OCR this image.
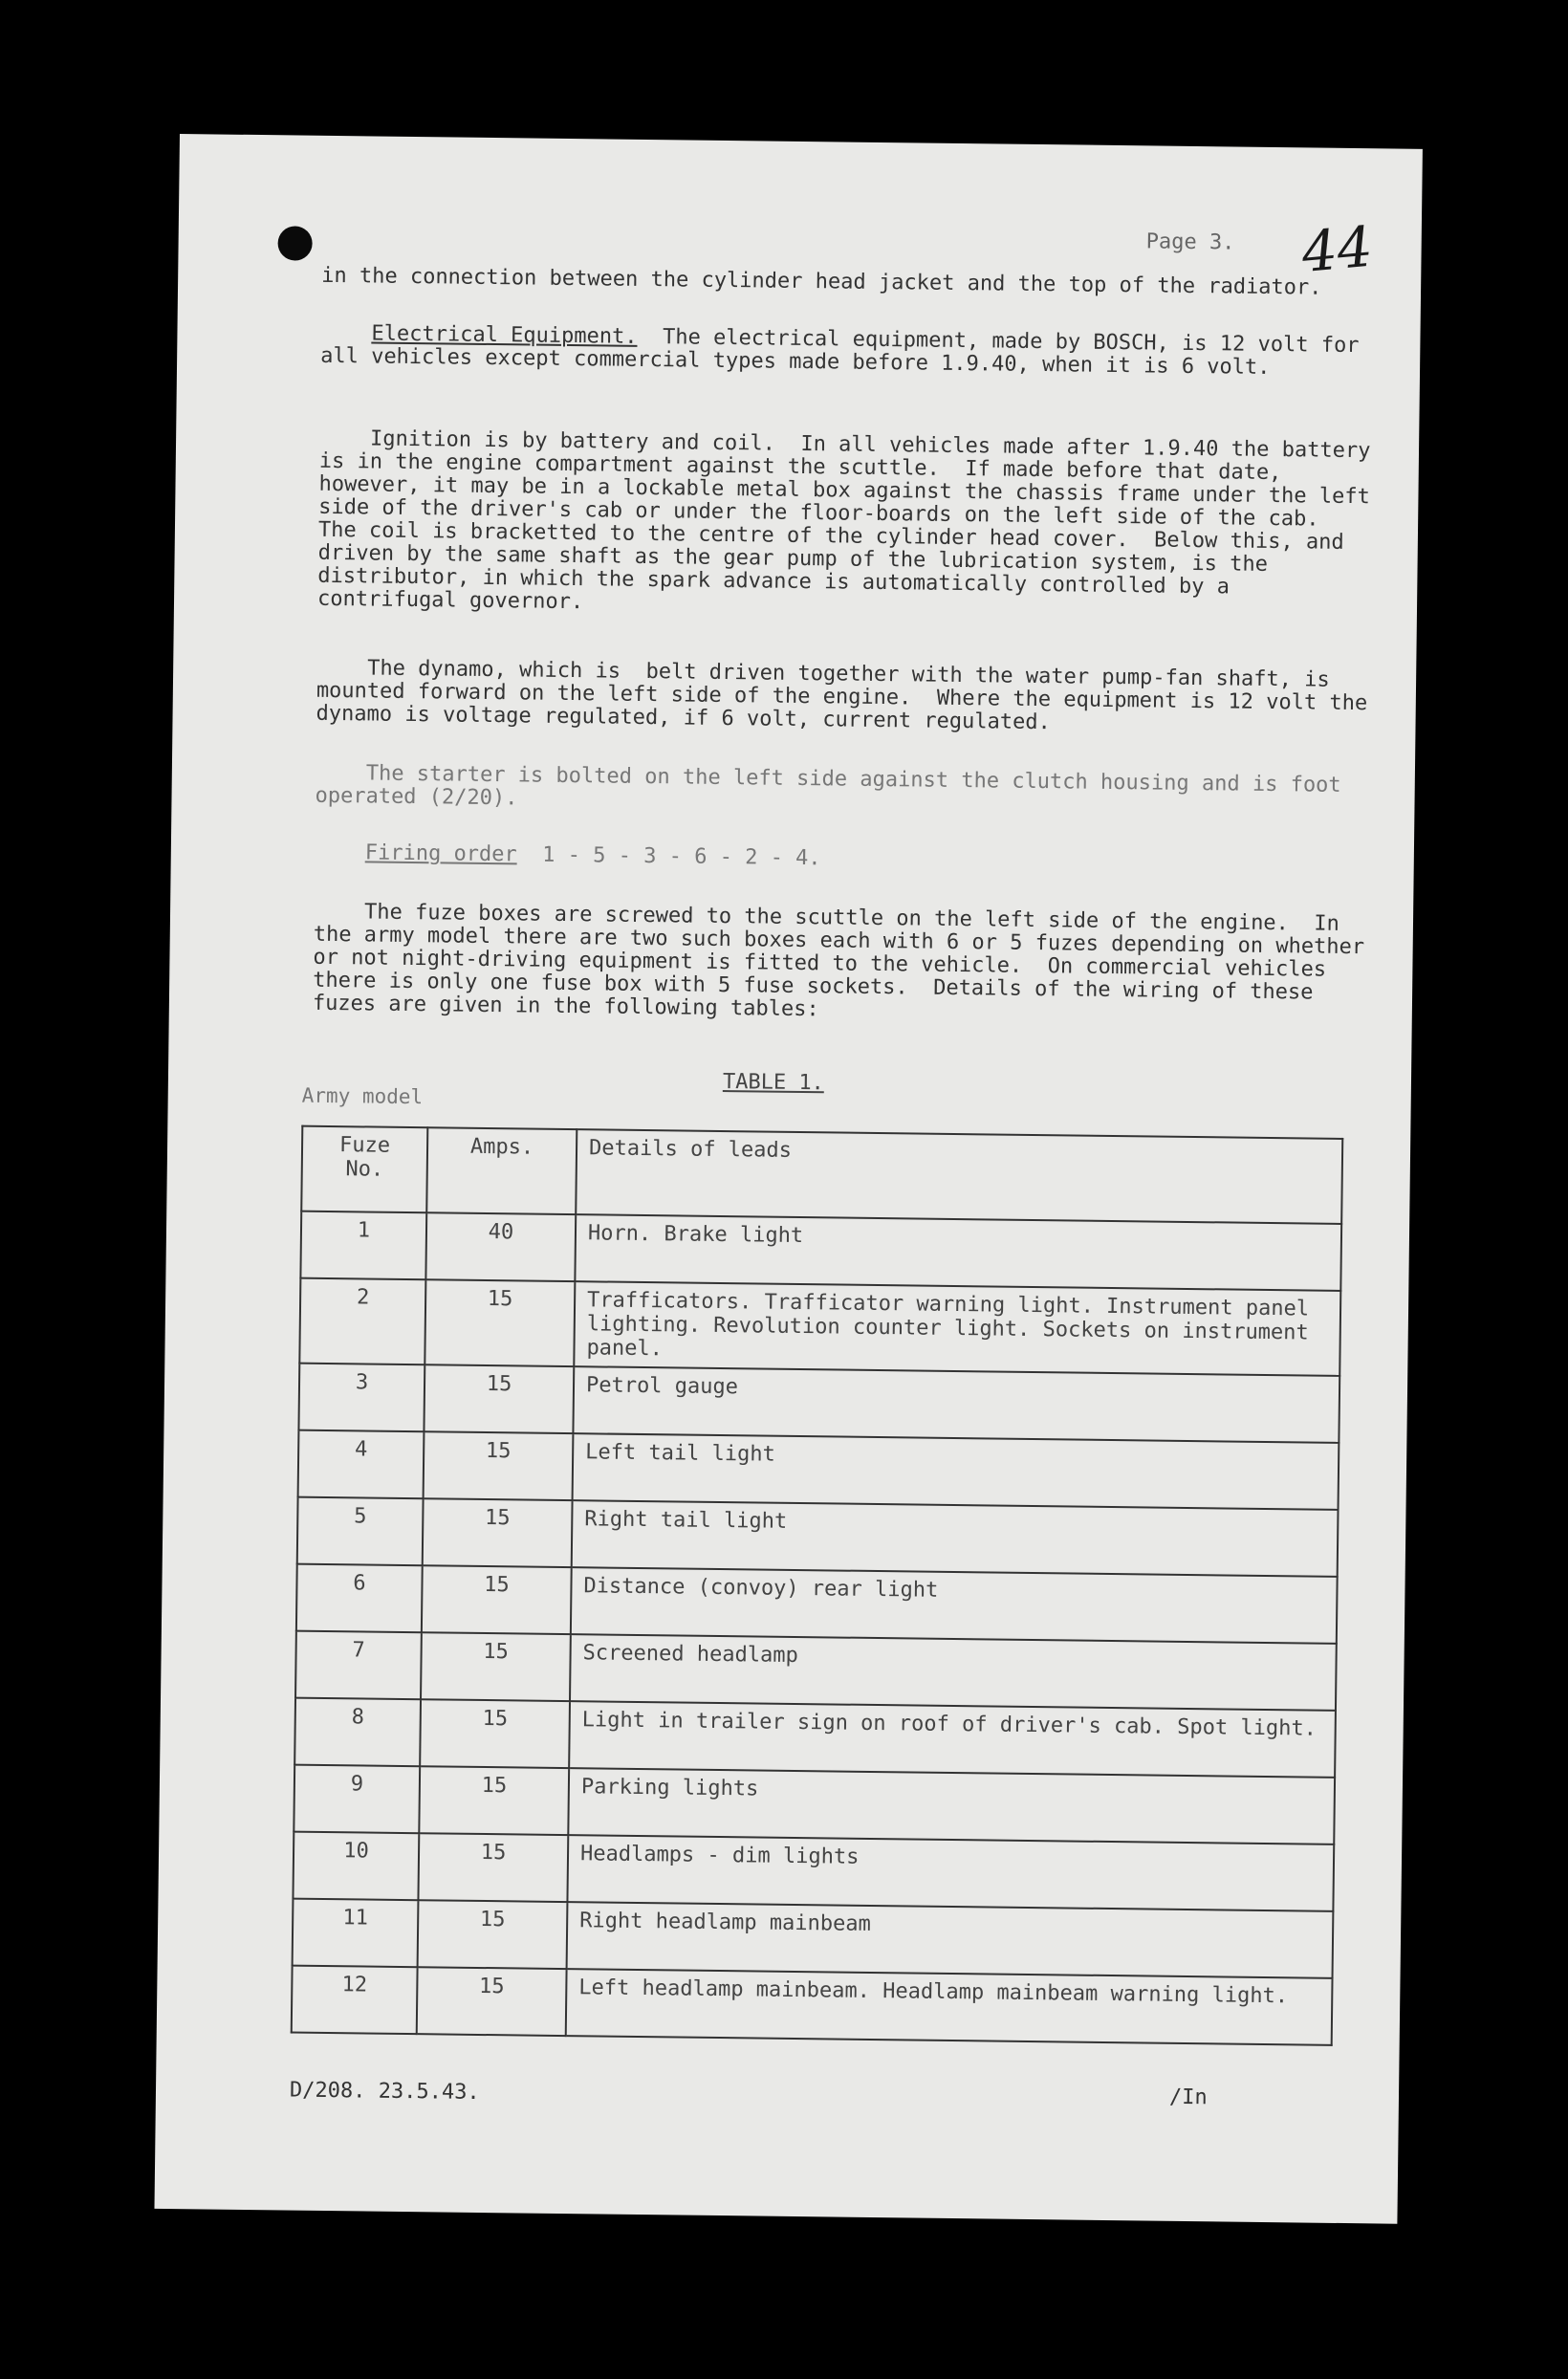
Page 3. 44
in the connection between the cylinder head jacket and the top of the radiator.
Electrical Equipment. The electrical equipment, made by BOSCH, is 12 volt for all vehicles except commercial types made before 1.9.40, when it is 6 volt.
Ignition is by battery and coil.  In all vehicles made after 1.9.40 the battery is in the engine compartment against the scuttle.  If made before that date, however, it may be in a lockable metal box against the chassis frame under the left side of the driver's cab or under the floor-boards on the left side of the cab.  The coil is bracketted to the centre of the cylinder head cover.  Below this, and driven by the same shaft as the gear pump of the lubrication system, is the distributor, in which the spark advance is automatically controlled by a contrifugal governor.
The dynamo, which is  belt driven together with the water pump-fan shaft, is mounted forward on the left side of the engine.  Where the equipment is 12 volt the dynamo is voltage regulated, if 6 volt, current regulated.
The starter is bolted on the left side against the clutch housing and is foot operated (2/20).
Firing order 1 - 5 - 3 - 6 - 2 - 4.
The fuze boxes are screwed to the scuttle on the left side of the engine.  In the army model there are two such boxes each with 6 or 5 fuzes depending on whether or not night-driving equipment is fitted to the vehicle.  On commercial vehicles there is only one fuse box with 5 fuse sockets.  Details of the wiring of these fuzes are given in the following tables:
Army model
TABLE 1.
Fuze No.	Amps.	Details of leads
1	40	Horn. Brake light
2	15	Trafficators. Trafficator warning light. Instrument panel lighting. Revolution counter light. Sockets on instrument panel.
3	15	Petrol gauge
4	15	Left tail light
5	15	Right tail light
6	15	Distance (convoy) rear light
7	15	Screened headlamp
8	15	Light in trailer sign on roof of driver's cab. Spot light.
9	15	Parking lights
10	15	Headlamps - dim lights
11	15	Right headlamp mainbeam
12	15	Left headlamp mainbeam. Headlamp mainbeam warning light.
D/208. 23.5.43.	/In
